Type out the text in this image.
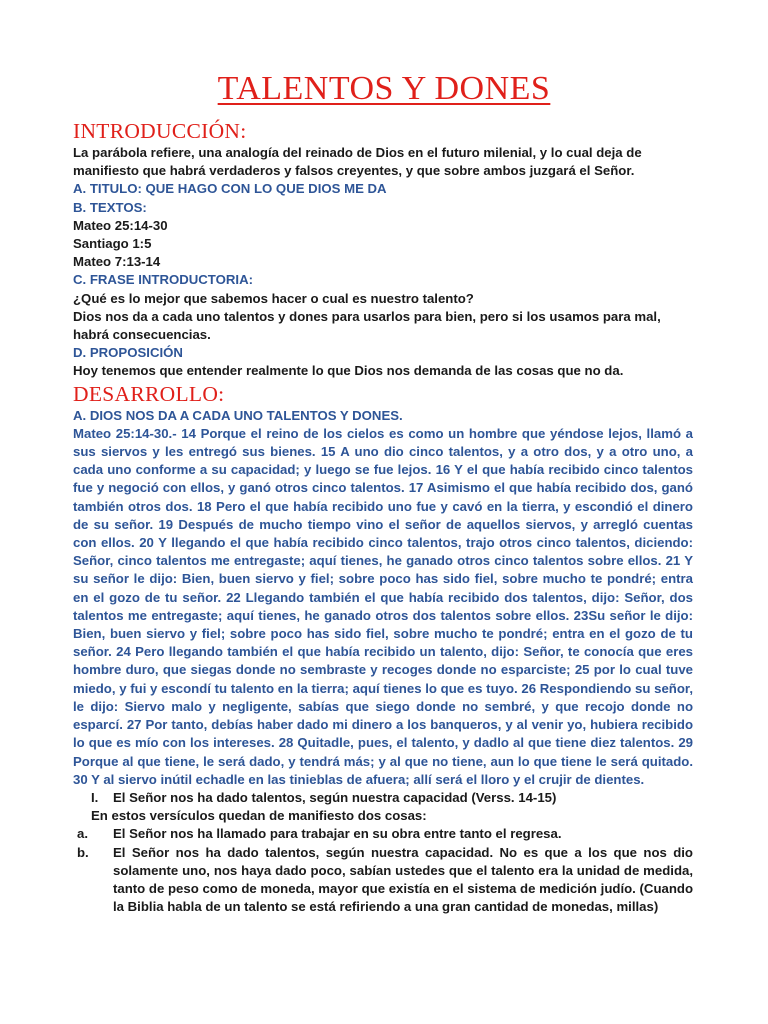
TALENTOS Y DONES
INTRODUCCIÓN:

La parábola refiere, una analogía del reinado de Dios en el futuro milenial, y lo cual deja de manifiesto que habrá verdaderos y falsos creyentes, y que sobre ambos juzgará el Señor.

A. TITULO: QUE HAGO CON LO QUE DIOS ME DA

B. TEXTOS:

Mateo 25:14-30

Santiago 1:5

Mateo 7:13-14

C. FRASE INTRODUCTORIA:

¿Qué es lo mejor que sabemos hacer o cual es nuestro talento?

Dios nos da a cada uno talentos y dones para usarlos para bien, pero si los usamos para mal, habrá consecuencias.

D. PROPOSICIÓN

Hoy tenemos que entender realmente lo que Dios nos demanda de las cosas que no da.

DESARROLLO:

A. DIOS NOS DA A CADA UNO TALENTOS Y DONES.

Mateo 25:14-30.- 14 Porque el reino de los cielos es como un hombre que yéndose lejos, llamó a sus siervos y les entregó sus bienes. 15 A uno dio cinco talentos, y a otro dos, y a otro uno, a cada uno conforme a su capacidad; y luego se fue lejos. 16 Y el que había recibido cinco talentos fue y negoció con ellos, y ganó otros cinco talentos. 17 Asimismo el que había recibido dos, ganó también otros dos. 18 Pero el que había recibido uno fue y cavó en la tierra, y escondió el dinero de su señor. 19 Después de mucho tiempo vino el señor de aquellos siervos, y arregló cuentas con ellos. 20 Y llegando el que había recibido cinco talentos, trajo otros cinco talentos, diciendo: Señor, cinco talentos me entregaste; aquí tienes, he ganado otros cinco talentos sobre ellos. 21 Y su señor le dijo: Bien, buen siervo y fiel; sobre poco has sido fiel, sobre mucho te pondré; entra en el gozo de tu señor. 22 Llegando también el que había recibido dos talentos, dijo: Señor, dos talentos me entregaste; aquí tienes, he ganado otros dos talentos sobre ellos. 23Su señor le dijo: Bien, buen siervo y fiel; sobre poco has sido fiel, sobre mucho te pondré; entra en el gozo de tu señor. 24 Pero llegando también el que había recibido un talento, dijo: Señor, te conocía que eres hombre duro, que siegas donde no sembraste y recoges donde no esparciste; 25 por lo cual tuve miedo, y fui y escondí tu talento en la tierra; aquí tienes lo que es tuyo. 26 Respondiendo su señor, le dijo: Siervo malo y negligente, sabías que siego donde no sembré, y que recojo donde no esparcí. 27 Por tanto, debías haber dado mi dinero a los banqueros, y al venir yo, hubiera recibido lo que es mío con los intereses. 28 Quitadle, pues, el talento, y dadlo al que tiene diez talentos. 29 Porque al que tiene, le será dado, y tendrá más; y al que no tiene, aun lo que tiene le será quitado. 30 Y al siervo inútil echadle en las tinieblas de afuera; allí será el lloro y el crujir de dientes.

I.	El Señor nos ha dado talentos, según nuestra capacidad (Verss. 14-15)

En estos versículos quedan de manifiesto dos cosas:

a.	El Señor nos ha llamado para trabajar en su obra entre tanto el regresa.
b.	El Señor nos ha dado talentos, según nuestra capacidad. No es que a los que nos dio solamente uno, nos haya dado poco, sabían ustedes que el talento era la unidad de medida, tanto de peso como de moneda, mayor que existía en el sistema de medición judío. (Cuando la Biblia habla de un talento se está refiriendo a una gran cantidad de monedas, millas)
